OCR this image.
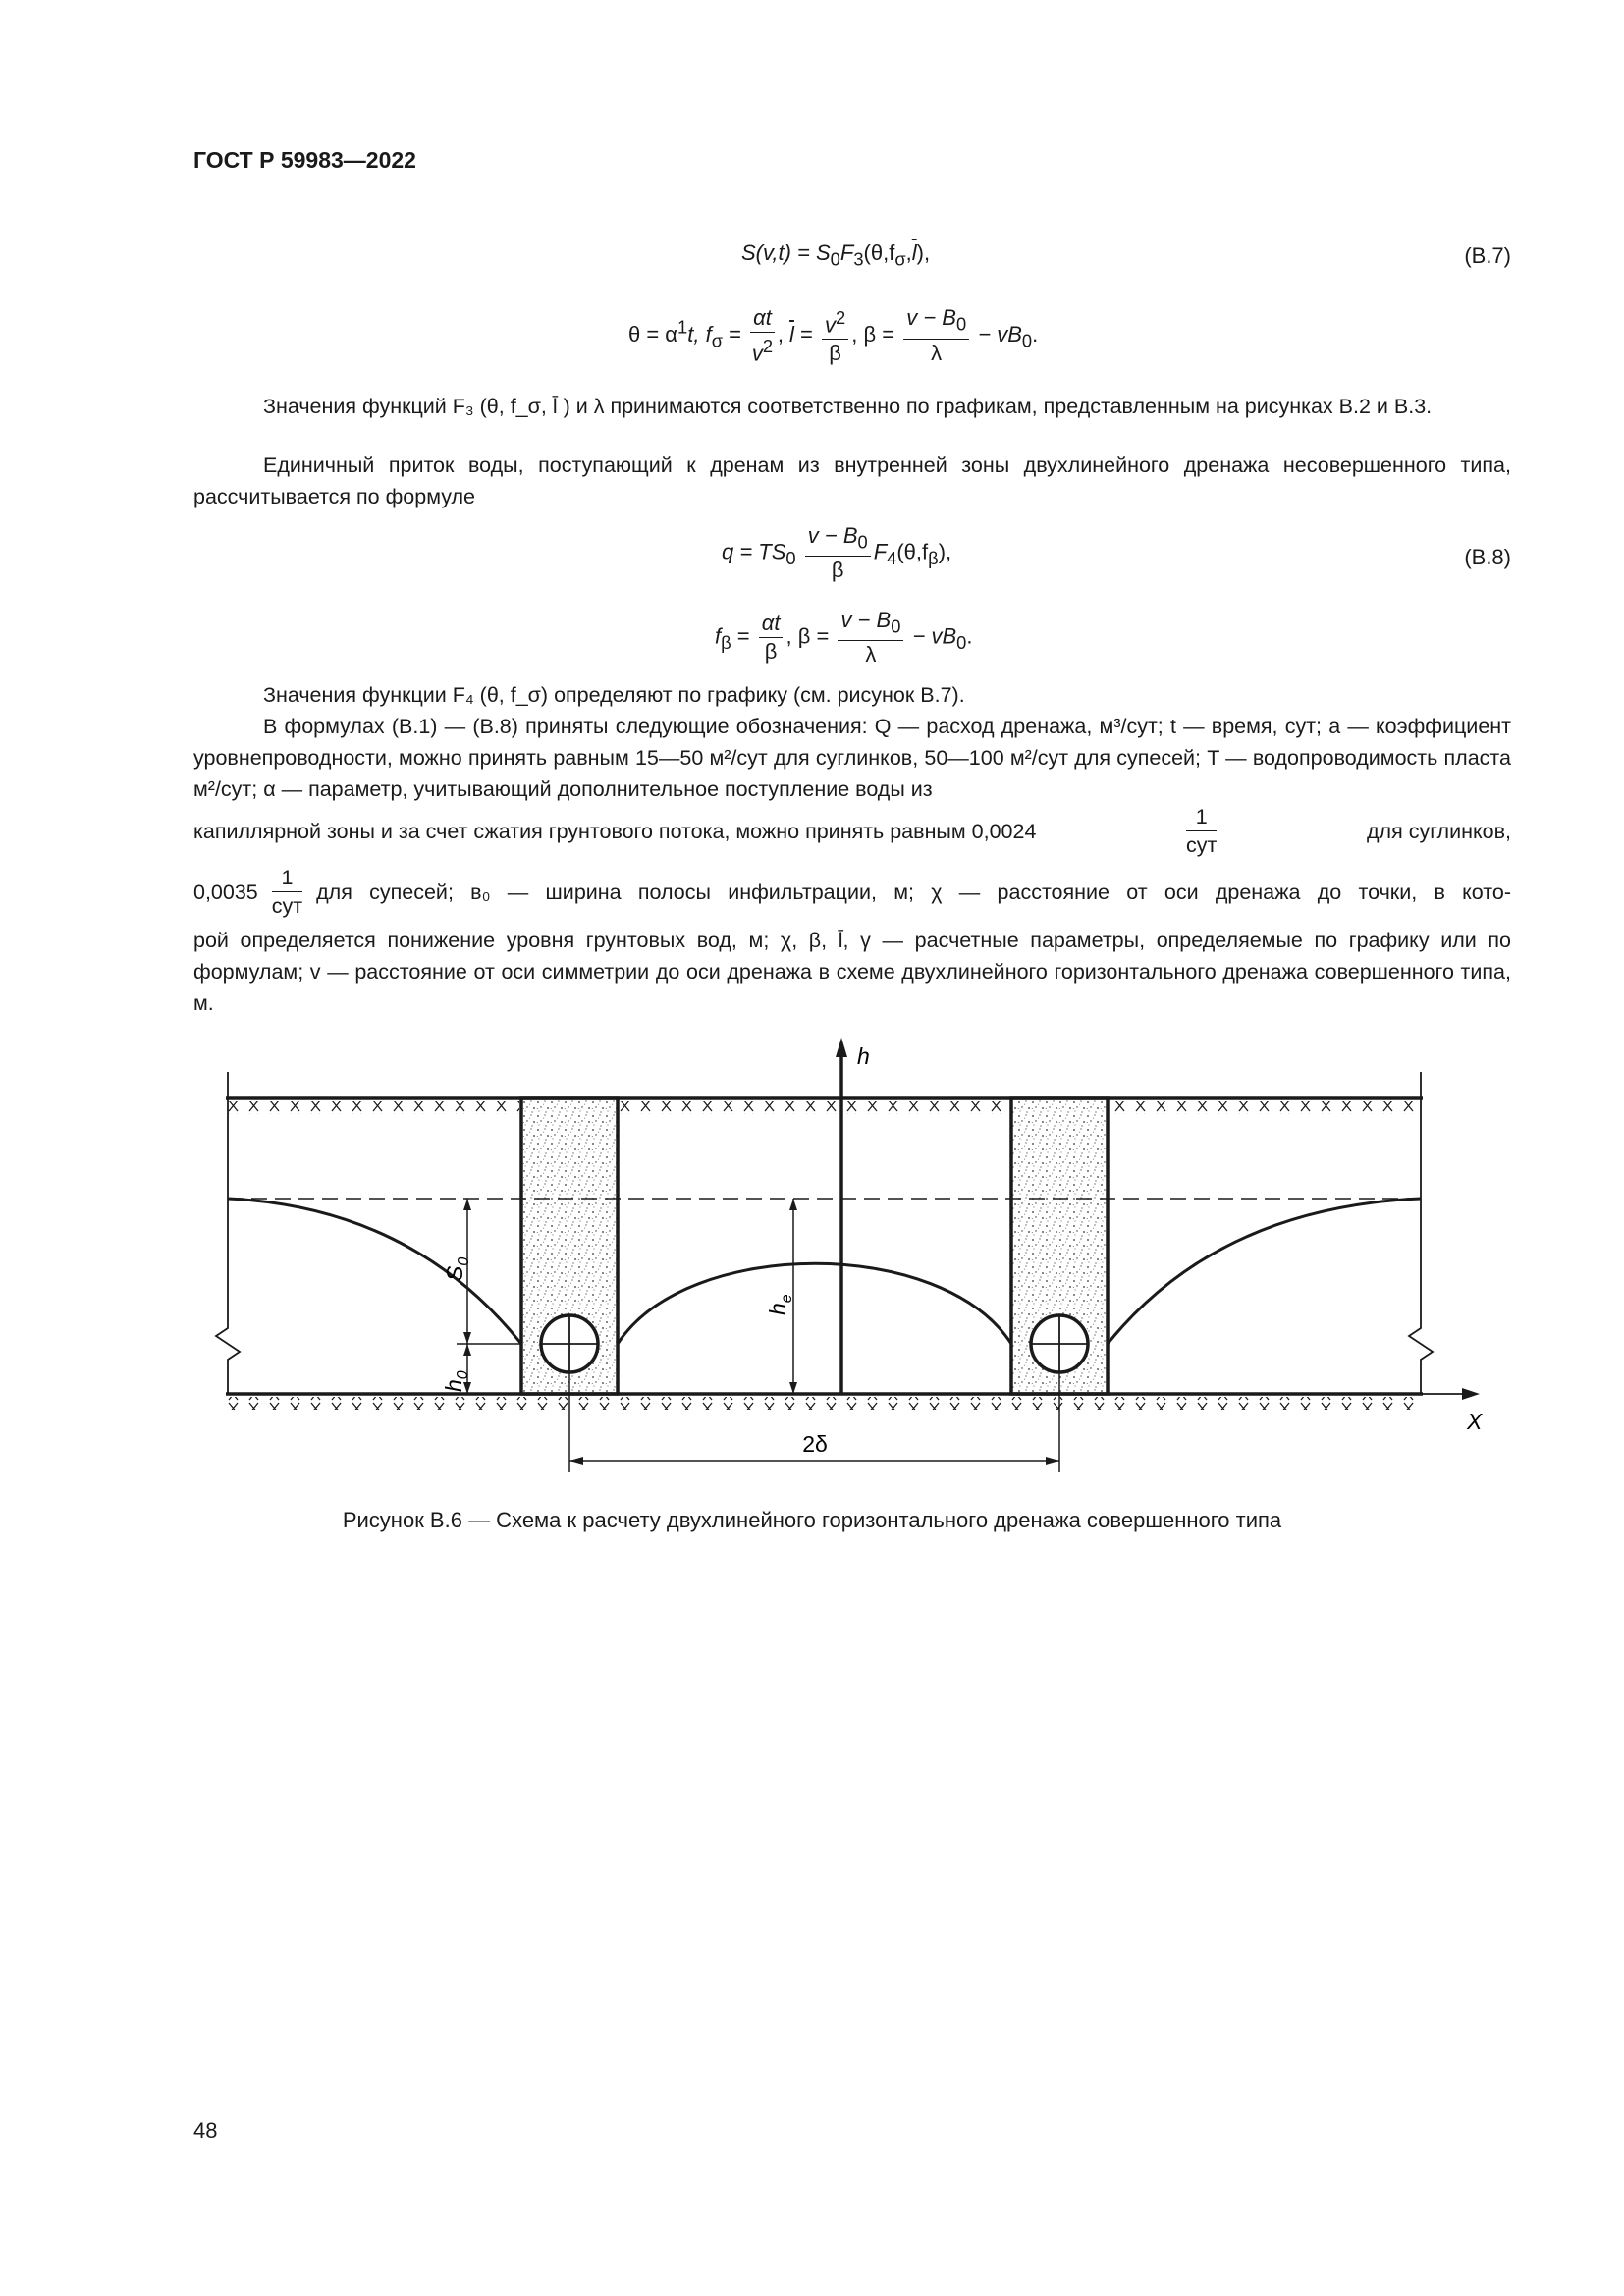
ГОСТ Р 59983—2022
$S(v,t) = S_0F_3(\theta,f_\sigma,\overline{l})$,	(В.7)
$\theta = \alpha^1t$, $f_\sigma = \frac{\alpha t}{v^2}$ , $\overline{l} = \frac{v^2}{\beta}$ , $\beta = \frac{v - B_0}{\lambda} - vB_0$.
Значения функций F₃ (θ, f_σ, l̄ ) и λ принимаются соответственно по графикам, представленным на рисунках В.2 и В.3.
Единичный приток воды, поступающий к дренам из внутренней зоны двухлинейного дренажа несовершенного типа, рассчитывается по формуле
$q = TS_0 \frac{v - B_0}{\beta} F_4(\theta,f_\beta)$,	(В.8)
$f_\beta = \frac{\alpha t}{\beta}$ , $\beta = \frac{v - B_0}{\lambda} - vB_0$.
Значения функции F₄ (θ, f_σ) определяют по графику (см. рисунок В.7).
В формулах (В.1) — (В.8) приняты следующие обозначения: Q — расход дренажа, м³/сут; t — время, сут; a — коэффициент уровнепроводности, можно принять равным 15—50 м²/сут для суглинков, 50—100 м²/сут для супесей; T — водопроводимость пласта м²/сут; α — параметр, учитывающий дополнительное поступление воды из
капиллярной зоны и за счет сжатия грунтового потока, можно принять равным 0,0024	$\frac{1}{\text{сут}}$	для суглинков,
$0,0035 \frac{1}{\text{сут}}$ для супесей; в₀ — ширина полосы инфильтрации, м; χ — расстояние от оси дренажа до точки, в кото-
рой определяется понижение уровня грунтовых вод, м; χ, β, l̄, γ — расчетные параметры, определяемые по графику или по формулам; v — расстояние от оси симметрии до оси дренажа в схеме двухлинейного горизонтального дренажа совершенного типа, м.
h
X
$S_0$
$h_0$
$h_e$
2δ
Рисунок В.6 — Схема к расчету двухлинейного горизонтального дренажа совершенного типа
48
